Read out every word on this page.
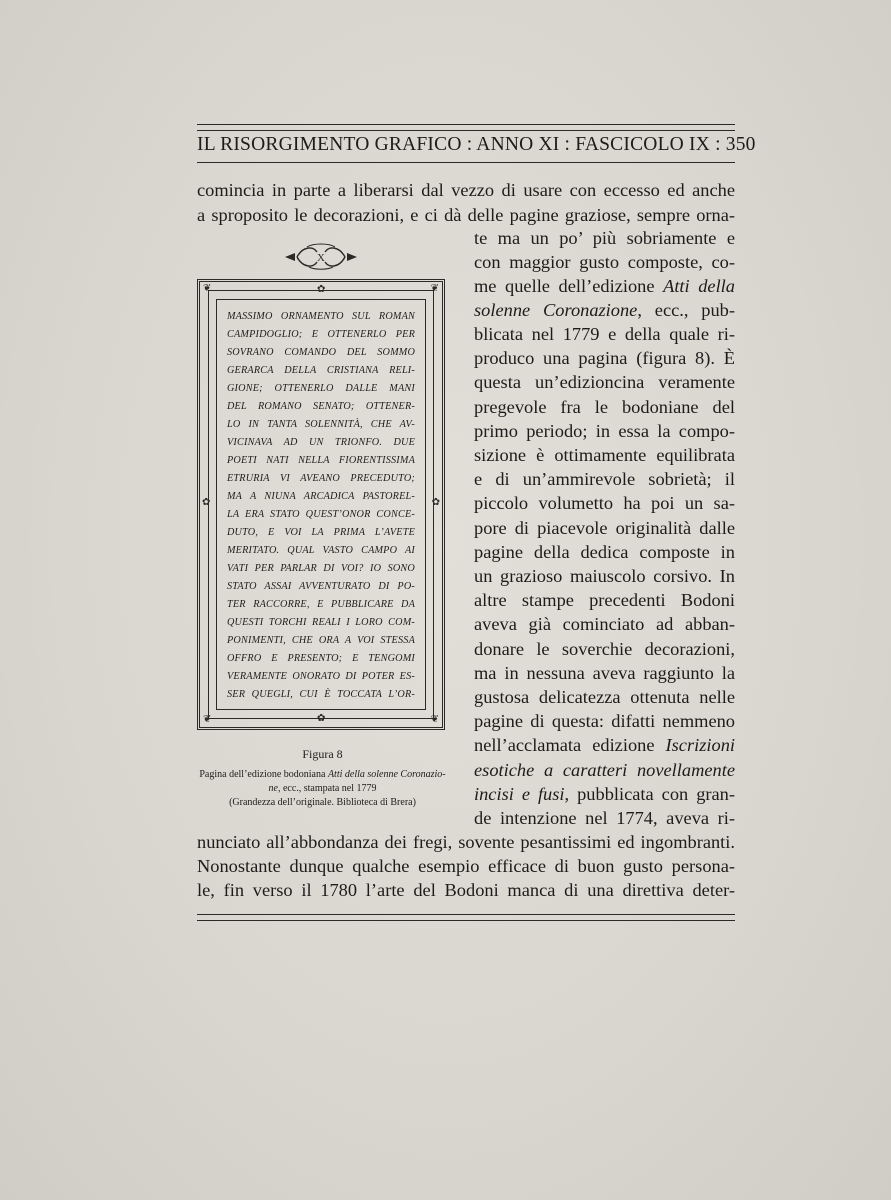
IL RISORGIMENTO GRAFICO : ANNO XI : FASCICOLO IX : 350
comincia in parte a liberarsi dal vezzo di usare con eccesso ed anche
a sproposito le decorazioni, e ci dà delle pagine graziose, sempre orna-
X
te ma un po’ più sobriamente e
con maggior gusto composte, co-
me quelle dell’edizione Atti della
solenne Coronazione, ecc., pub-
blicata nel 1779 e della quale ri-
produco una pagina (figura 8). È
questa un’edizioncina veramente
pregevole fra le bodoniane del
primo periodo; in essa la compo-
sizione è ottimamente equilibrata
e di un’ammirevole sobrietà; il
piccolo volumetto ha poi un sa-
pore di piacevole originalità dalle
pagine della dedica composte in
un grazioso maiuscolo corsivo. In
altre stampe precedenti Bodoni
aveva già cominciato ad abban-
donare le soverchie decorazioni,
ma in nessuna aveva raggiunto la
gustosa delicatezza ottenuta nelle
pagine di questa: difatti nemmeno
nell’acclamata edizione Iscrizioni
esotiche a caratteri novellamente
incisi e fusi, pubblicata con gran-
de intenzione nel 1774, aveva ri-
nunciato all’abbondanza dei fregi, sovente pesantissimi ed ingombranti.
Nonostante dunque qualche esempio efficace di buon gusto persona-
le, fin verso il 1780 l’arte del Bodoni manca di una direttiva deter-
❦	❦
❦	❦
✿
✿
✿	✿
MASSIMO ORNAMENTO SUL ROMAN
CAMPIDOGLIO; E OTTENERLO PER
SOVRANO COMANDO DEL SOMMO
GERARCA DELLA CRISTIANA RELI-
GIONE; OTTENERLO DALLE MANI
DEL ROMANO SENATO; OTTENER-
LO IN TANTA SOLENNITÀ, CHE AV-
VICINAVA AD UN TRIONFO. DUE
POETI NATI NELLA FIORENTISSIMA
ETRURIA VI AVEANO PRECEDUTO;
MA A NIUNA ARCADICA PASTOREL-
LA ERA STATO QUEST’ONOR CONCE-
DUTO, E VOI LA PRIMA L’AVETE
MERITATO. QUAL VASTO CAMPO AI
VATI PER PARLAR DI VOI? IO SONO
STATO ASSAI AVVENTURATO DI PO-
TER RACCORRE, E PUBBLICARE DA
QUESTI TORCHI REALI I LORO COM-
PONIMENTI, CHE ORA A VOI STESSA
OFFRO E PRESENTO; E TENGOMI
VERAMENTE ONORATO DI POTER ES-
SER QUEGLI, CUI È TOCCATA L’OR-
Figura 8
Pagina dell’edizione bodoniana Atti della solenne Coronazio-
ne, ecc., stampata nel 1779
(Grandezza dell’originale. Biblioteca di Brera)
